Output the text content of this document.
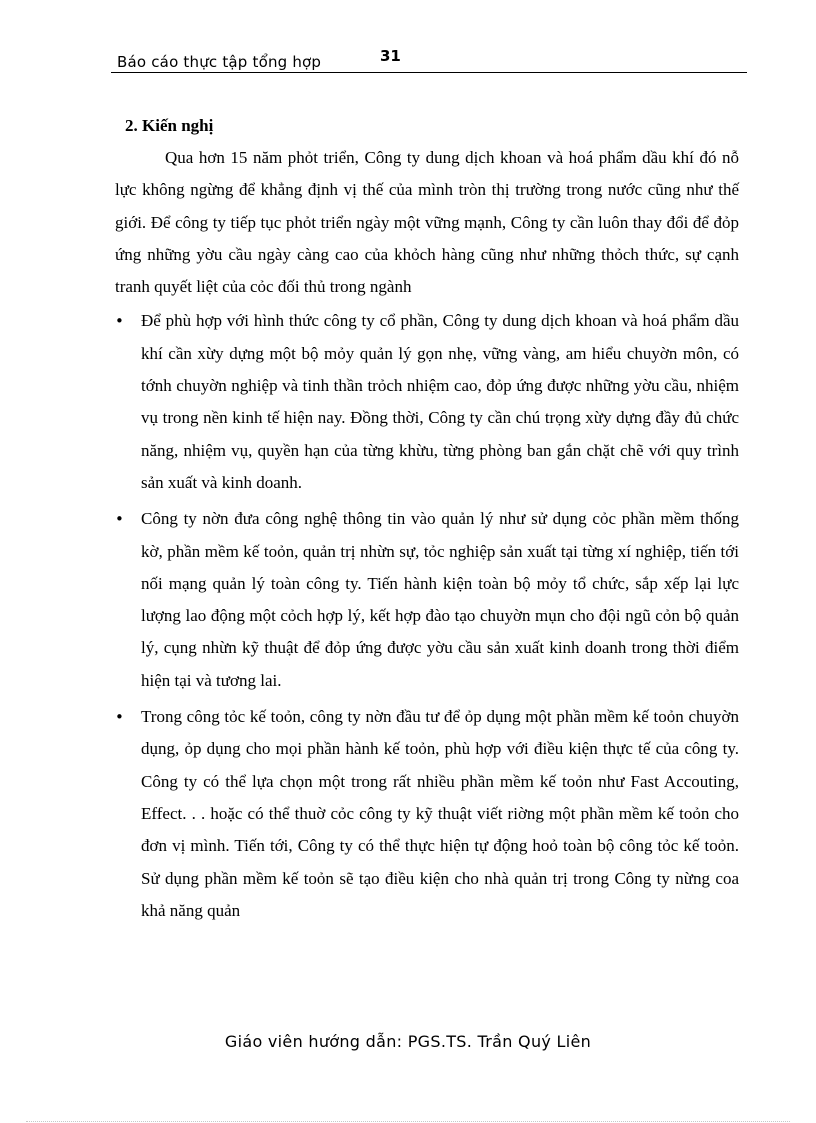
Báo cáo thực tập tổng hợp	31

2. Kiến nghị

Qua hơn 15 năm phỏt triển, Công ty dung dịch khoan và hoá phẩm dầu khí đó nỗ lực không ngừng để khẳng định vị thế của mình tròn thị trường trong nước cũng như thế giới. Để công ty tiếp tục phỏt triển ngày một vững mạnh, Công ty cần luôn thay đổi để đỏp ứng những yờu cầu ngày càng cao của khỏch hàng cũng như những thỏch thức, sự cạnh tranh quyết liệt của cỏc đối thủ trong ngành

• Để phù hợp với hình thức công ty cổ phần, Công ty dung dịch khoan và hoá phẩm dầu khí cần xừy dựng một bộ mỏy quản lý gọn nhẹ, vững vàng, am hiểu chuyờn môn, có tớnh chuyờn nghiệp và tinh thần trỏch nhiệm cao, đỏp ứng được những yờu cầu, nhiệm vụ trong nền kinh tế hiện nay. Đồng thời, Công ty cần chú trọng xừy dựng đầy đủ chức năng, nhiệm vụ, quyền hạn của từng khừu, từng phòng ban gắn chặt chẽ với quy trình sản xuất và kinh doanh.
• Công ty nờn đưa công nghệ thông tin vào quản lý như sử dụng cỏc phần mềm thống kờ, phần mềm kế toỏn, quản trị nhừn sự, tỏc nghiệp sản xuất tại từng xí nghiệp, tiến tới nối mạng quản lý toàn công ty. Tiến hành kiện toàn bộ mỏy tổ chức, sắp xếp lại lực lượng lao động một cỏch hợp lý, kết hợp đào tạo chuyờn mụn cho đội ngũ cỏn bộ quản lý, cụng nhừn kỹ thuật để đỏp ứng được yờu cầu sản xuất kinh doanh trong thời điểm hiện tại và tương lai.
• Trong công tỏc kế toỏn, công ty nờn đầu tư để ỏp dụng một phần mềm kế toỏn chuyờn dụng, ỏp dụng cho mọi phần hành kế toỏn, phù hợp với điều kiện thực tế của công ty. Công ty có thể lựa chọn một trong rất nhiều phần mềm kế toỏn như Fast Accouting, Effect. . . hoặc có thể thuờ cỏc công ty kỹ thuật viết riờng một phần mềm kế toỏn cho đơn vị mình. Tiến tới, Công ty có thể thực hiện tự động hoỏ toàn bộ công tỏc kế toỏn. Sử dụng phần mềm kế toỏn sẽ tạo điều kiện cho nhà quản trị trong Công ty nừng coa khả năng quản
Giáo viên hướng dẫn: PGS.TS. Trần Quý Liên
